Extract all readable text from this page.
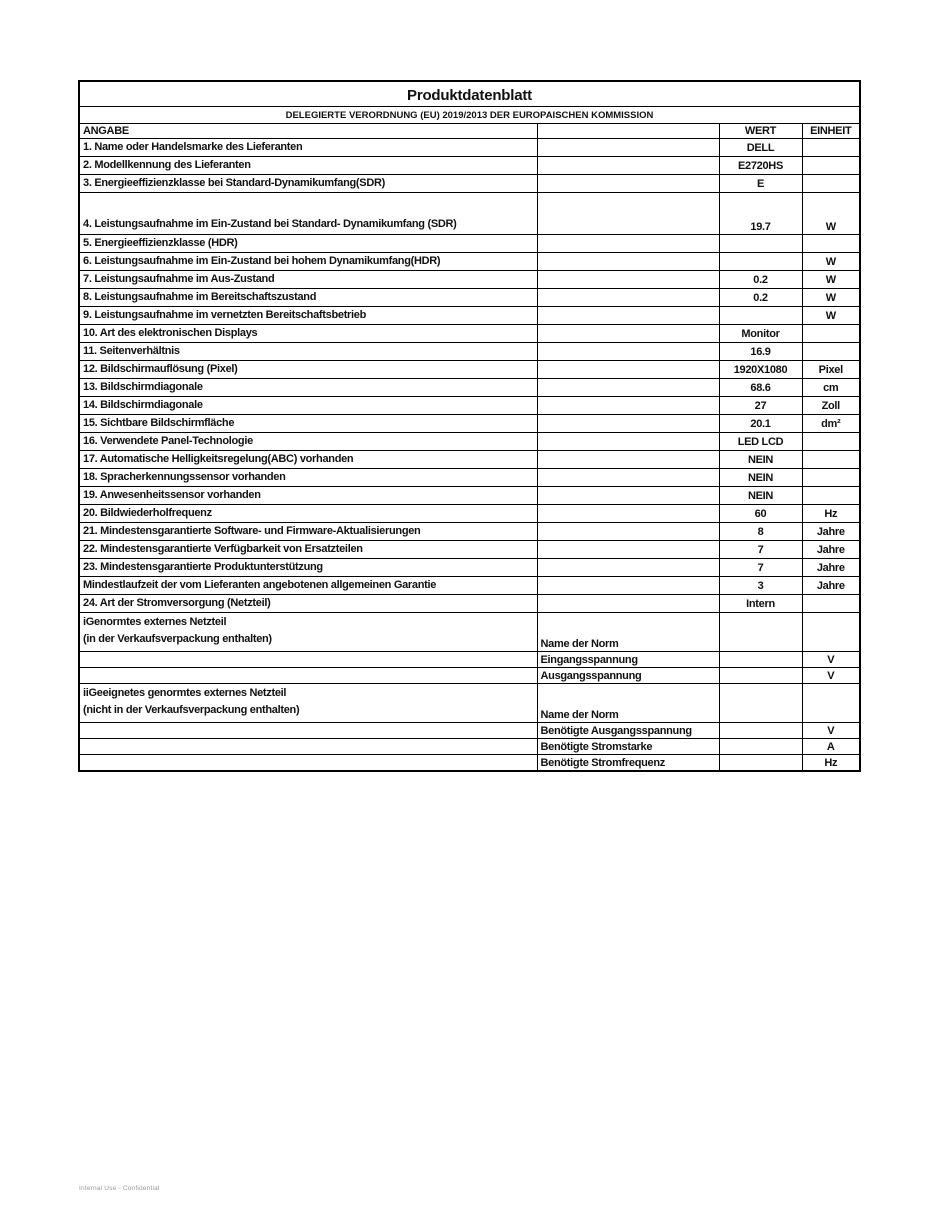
Produktdatenblatt			
DELEGIERTE VERORDNUNG (EU) 2019/2013 DER EUROPAISCHEN KOMMISSION			
ANGABE		WERT	EINHEIT

1. Name oder Handelsmarke des Lieferanten		DELL	

2. Modellkennung des Lieferanten		E2720HS	

3. Energieeffizienzklasse bei Standard-Dynamikumfang(SDR)		E	

4. Leistungsaufnahme im Ein-Zustand bei Standard- Dynamikumfang (SDR)		19.7	W

5. Energieeffizienzklasse (HDR)			

6. Leistungsaufnahme im Ein-Zustand bei hohem Dynamikumfang(HDR)			W

7. Leistungsaufnahme im Aus-Zustand		0.2	W

8. Leistungsaufnahme im Bereitschaftszustand		0.2	W

9. Leistungsaufnahme im vernetzten Bereitschaftsbetrieb			W

10. Art des elektronischen Displays		Monitor	

11. Seitenverhältnis		16.9	

12. Bildschirmauflösung (Pixel)		1920X1080	Pixel

13. Bildschirmdiagonale		68.6	cm

14. Bildschirmdiagonale		27	Zoll

15. Sichtbare Bildschirmfläche		20.1	dm²

16. Verwendete Panel-Technologie		LED LCD	

17. Automatische Helligkeitsregelung(ABC) vorhanden		NEIN	

18. Spracherkennungssensor vorhanden		NEIN	

19. Anwesenheitssensor vorhanden		NEIN	

20. Bildwiederholfrequenz		60	Hz

21. Mindestensgarantierte Software- und Firmware-Aktualisierungen		8	Jahre

22. Mindestensgarantierte Verfügbarkeit von Ersatzteilen		7	Jahre

23. Mindestensgarantierte Produktunterstützung		7	Jahre

Mindestlaufzeit der vom Lieferanten angebotenen allgemeinen Garantie		3	Jahre

24. Art der Stromversorgung (Netzteil)		Intern	

iGenormtes externes Netzteil
(in der Verkaufsverpackung enthalten)	Name der Norm		

	Eingangsspannung		V

	Ausgangsspannung		V

iiGeeignetes genormtes externes Netzteil
(nicht in der Verkaufsverpackung enthalten)	Name der Norm		

	Benötigte Ausgangsspannung		V

	Benötigte Stromstarke		A

	Benötigte Stromfrequenz		Hz
Internal Use - Confidential
